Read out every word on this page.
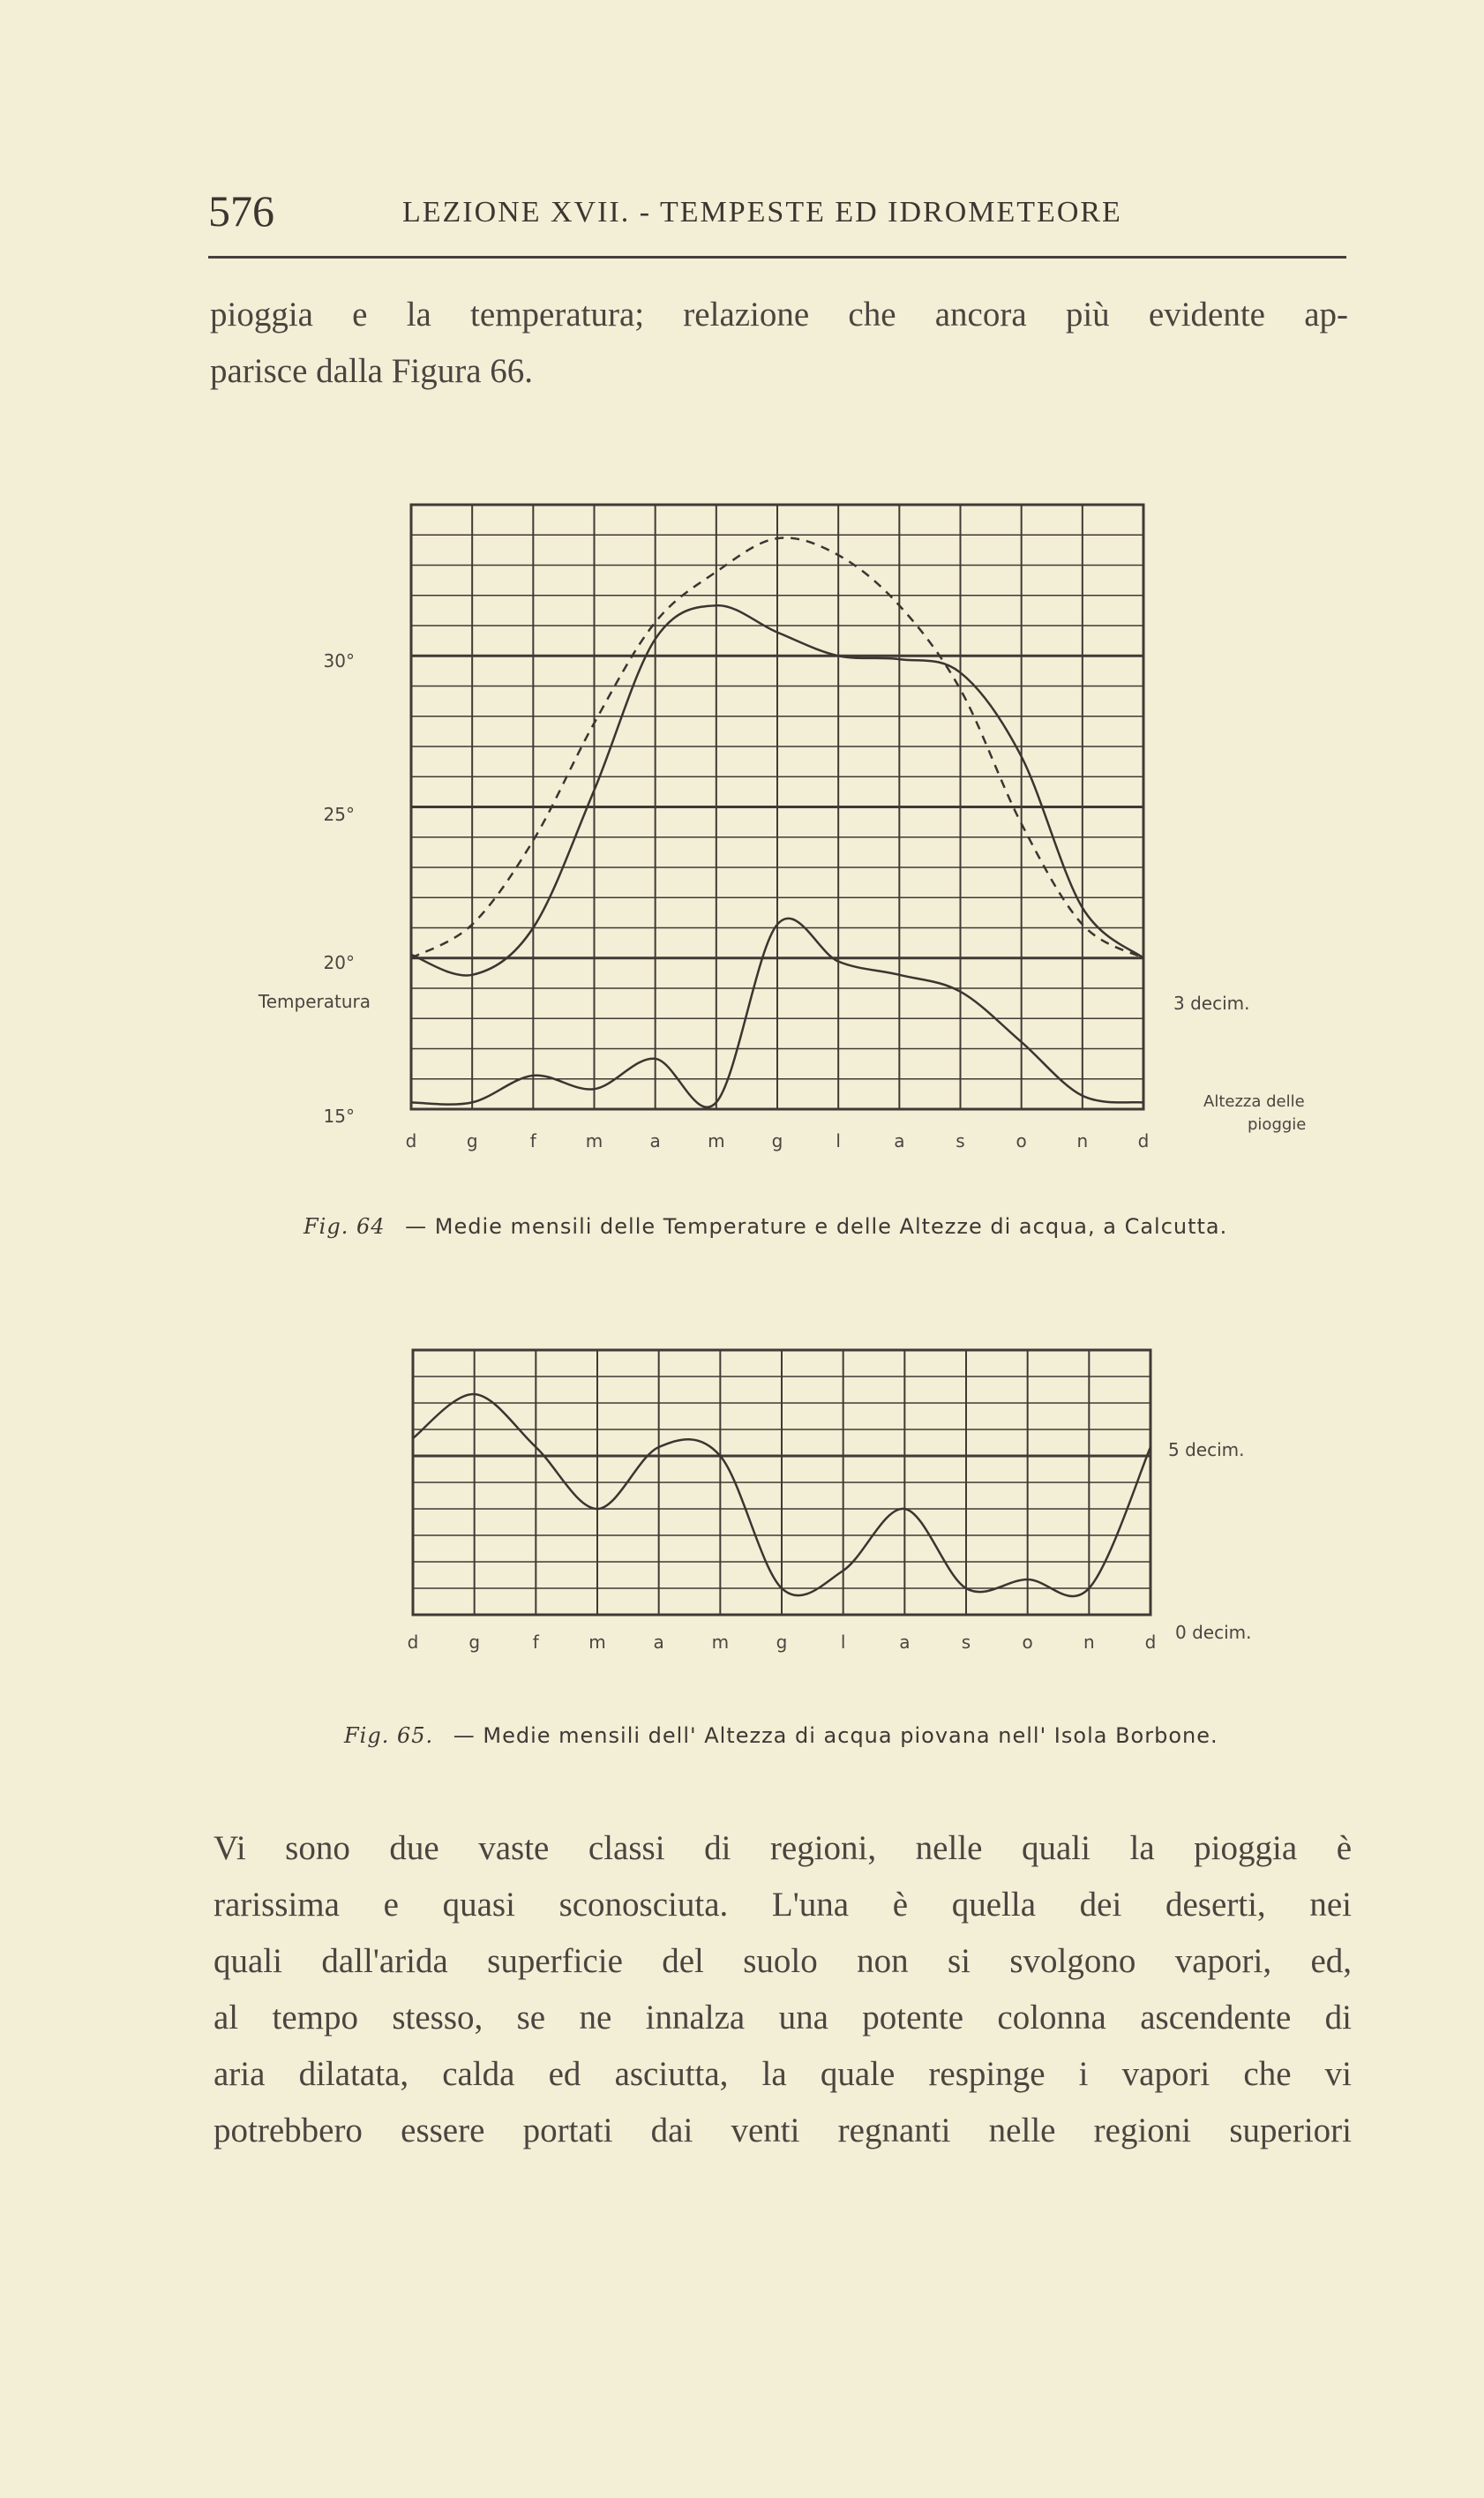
576	LEZIONE XVII. - TEMPESTE ED IDROMETEORE

pioggia e la temperatura; relazione che ancora più evidente ap-
parisce dalla Figura 66.

30°
25°
20°
Temperatura
15°
3 decim.
Altezza delle
pioggie
d	g	f	m	a	m	g	l	a	s	o	n	d
Fig. 64 — Medie mensili delle Temperature e delle Altezze di acqua, a Calcutta.
5 decim.
0 decim.
d	g	f	m	a	m	g	l	a	s	o	n	d
Fig. 65. — Medie mensili dell' Altezza di acqua piovana nell' Isola Borbone.

Vi sono due vaste classi di regioni, nelle quali la pioggia è
rarissima e quasi sconosciuta. L'una è quella dei deserti, nei
quali dall'arida superficie del suolo non si svolgono vapori, ed,
al tempo stesso, se ne innalza una potente colonna ascendente di
aria dilatata, calda ed asciutta, la quale respinge i vapori che vi
potrebbero essere portati dai venti regnanti nelle regioni superiori
